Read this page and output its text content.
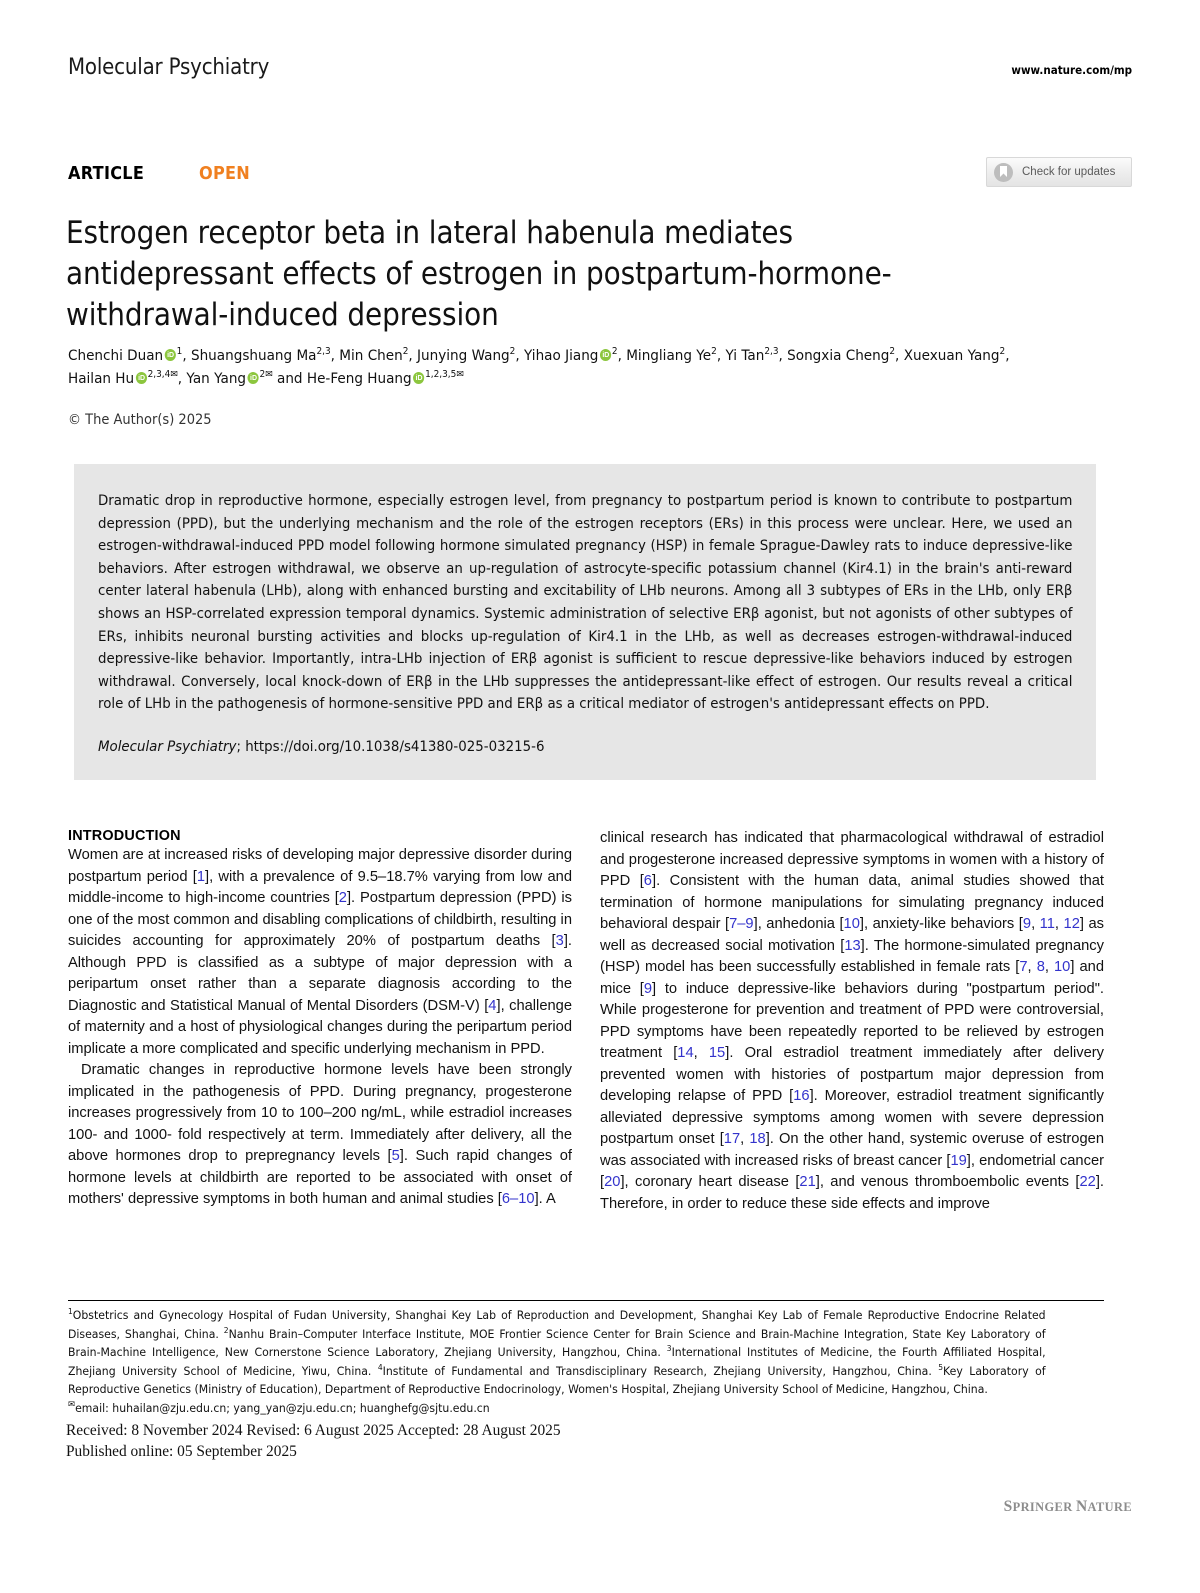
Molecular Psychiatry	www.nature.com/mp
ARTICLE	OPEN	Check for updates
Estrogen receptor beta in lateral habenula mediates antidepressant effects of estrogen in postpartum-hormone-withdrawal-induced depression
Chenchi Duan iD $^1$, Shuangshuang Ma$^{2,3}$, Min Chen$^2$, Junying Wang$^2$, Yihao Jiang iD $^2$, Mingliang Ye$^2$, Yi Tan$^{2,3}$, Songxia Cheng$^2$, Xuexuan Yang$^2$, Hailan Hu iD $^{2,3,4✉}$, Yan Yang iD $^{2✉}$ and He-Feng Huang iD $^{1,2,3,5✉}$
© The Author(s) 2025
Dramatic drop in reproductive hormone, especially estrogen level, from pregnancy to postpartum period is known to contribute to postpartum depression (PPD), but the underlying mechanism and the role of the estrogen receptors (ERs) in this process were unclear. Here, we used an estrogen-withdrawal-induced PPD model following hormone simulated pregnancy (HSP) in female Sprague-Dawley rats to induce depressive-like behaviors. After estrogen withdrawal, we observe an up-regulation of astrocyte-specific potassium channel (Kir4.1) in the brain's anti-reward center lateral habenula (LHb), along with enhanced bursting and excitability of LHb neurons. Among all 3 subtypes of ERs in the LHb, only ERβ shows an HSP-correlated expression temporal dynamics. Systemic administration of selective ERβ agonist, but not agonists of other subtypes of ERs, inhibits neuronal bursting activities and blocks up-regulation of Kir4.1 in the LHb, as well as decreases estrogen-withdrawal-induced depressive-like behavior. Importantly, intra-LHb injection of ERβ agonist is sufficient to rescue depressive-like behaviors induced by estrogen withdrawal. Conversely, local knock-down of ERβ in the LHb suppresses the antidepressant-like effect of estrogen. Our results reveal a critical role of LHb in the pathogenesis of hormone-sensitive PPD and ERβ as a critical mediator of estrogen's antidepressant effects on PPD.
Molecular Psychiatry; https://doi.org/10.1038/s41380-025-03215-6
INTRODUCTION

Women are at increased risks of developing major depressive disorder during postpartum period [1], with a prevalence of 9.5–18.7% varying from low and middle-income to high-income countries [2]. Postpartum depression (PPD) is one of the most common and disabling complications of childbirth, resulting in suicides accounting for approximately 20% of postpartum deaths [3]. Although PPD is classified as a subtype of major depression with a peripartum onset rather than a separate diagnosis according to the Diagnostic and Statistical Manual of Mental Disorders (DSM-V) [4], challenge of maternity and a host of physiological changes during the peripartum period implicate a more complicated and specific underlying mechanism in PPD.

Dramatic changes in reproductive hormone levels have been strongly implicated in the pathogenesis of PPD. During pregnancy, progesterone increases progressively from 10 to 100–200 ng/mL, while estradiol increases 100- and 1000- fold respectively at term. Immediately after delivery, all the above hormones drop to prepregnancy levels [5]. Such rapid changes of hormone levels at childbirth are reported to be associated with onset of mothers' depressive symptoms in both human and animal studies [6–10]. A

clinical research has indicated that pharmacological withdrawal of estradiol and progesterone increased depressive symptoms in women with a history of PPD [6]. Consistent with the human data, animal studies showed that termination of hormone manipulations for simulating pregnancy induced behavioral despair [7–9], anhedonia [10], anxiety-like behaviors [9, 11, 12] as well as decreased social motivation [13]. The hormone-simulated pregnancy (HSP) model has been successfully established in female rats [7, 8, 10] and mice [9] to induce depressive-like behaviors during "postpartum period". While progesterone for prevention and treatment of PPD were controversial, PPD symptoms have been repeatedly reported to be relieved by estrogen treatment [14, 15]. Oral estradiol treatment immediately after delivery prevented women with histories of postpartum major depression from developing relapse of PPD [16]. Moreover, estradiol treatment significantly alleviated depressive symptoms among women with severe depression postpartum onset [17, 18]. On the other hand, systemic overuse of estrogen was associated with increased risks of breast cancer [19], endometrial cancer [20], coronary heart disease [21], and venous thromboembolic events [22]. Therefore, in order to reduce these side effects and improve

$^1$Obstetrics and Gynecology Hospital of Fudan University, Shanghai Key Lab of Reproduction and Development, Shanghai Key Lab of Female Reproductive Endocrine Related Diseases, Shanghai, China. $^2$Nanhu Brain–Computer Interface Institute, MOE Frontier Science Center for Brain Science and Brain-Machine Integration, State Key Laboratory of Brain-Machine Intelligence, New Cornerstone Science Laboratory, Zhejiang University, Hangzhou, China. $^3$International Institutes of Medicine, the Fourth Affiliated Hospital, Zhejiang University School of Medicine, Yiwu, China. $^4$Institute of Fundamental and Transdisciplinary Research, Zhejiang University, Hangzhou, China. $^5$Key Laboratory of Reproductive Genetics (Ministry of Education), Department of Reproductive Endocrinology, Women's Hospital, Zhejiang University School of Medicine, Hangzhou, China.
✉email: huhailan@zju.edu.cn; yang_yan@zju.edu.cn; huanghefg@sjtu.edu.cn
Received: 8 November 2024 Revised: 6 August 2025 Accepted: 28 August 2025
Published online: 05 September 2025
SPRINGER  NATURE
